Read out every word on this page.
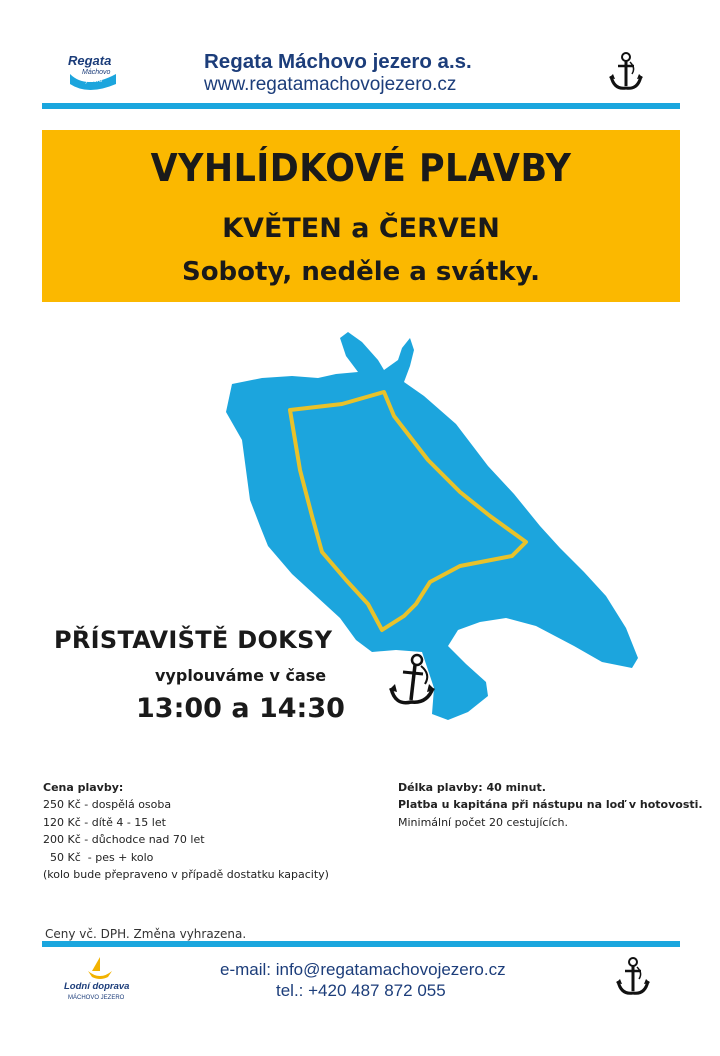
Regata
Máchovo
jezero
Regata Máchovo jezero a.s.
www.regatamachovojezero.cz
VYHLÍDKOVÉ PLAVBY
KVĚTEN a ČERVEN
Soboty, neděle a svátky.
PŘÍSTAVIŠTĚ DOKSY
vyplouváme v čase
13:00 a 14:30
Cena plavby:
250 Kč - dospělá osoba
120 Kč - dítě 4 - 15 let
200 Kč - důchodce nad 70 let
50 Kč  - pes + kolo
(kolo bude přepraveno v případě dostatku kapacity)
Délka plavby: 40 minut.
Platba u kapitána při nástupu na loď v hotovosti.
Minimální počet 20 cestujících.
Ceny vč. DPH. Změna vyhrazena.
Lodní doprava
MÁCHOVO JEZERO
e-mail: info@regatamachovojezero.cz
tel.: +420 487 872 055
